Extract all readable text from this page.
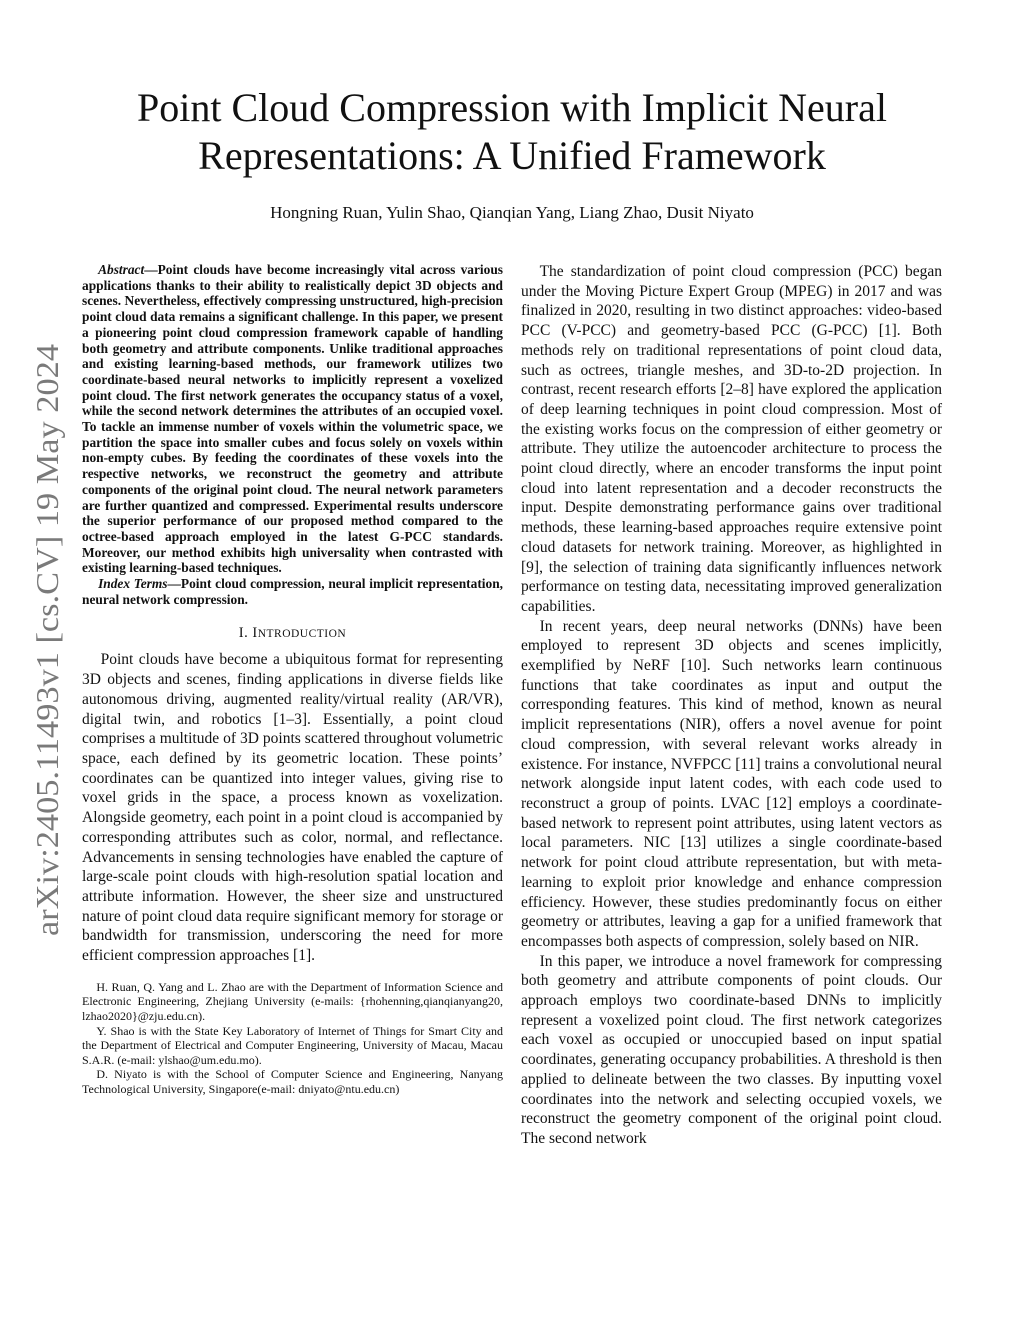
arXiv:2405.11493v1 [cs.CV] 19 May 2024
Point Cloud Compression with Implicit Neural
Representations: A Unified Framework
Hongning Ruan, Yulin Shao, Qianqian Yang, Liang Zhao, Dusit Niyato

Abstract—Point clouds have become increasingly vital across various applications thanks to their ability to realistically depict 3D objects and scenes. Nevertheless, effectively compressing unstructured, high-precision point cloud data remains a significant challenge. In this paper, we present a pioneering point cloud compression framework capable of handling both geometry and attribute components. Unlike traditional approaches and existing learning-based methods, our framework utilizes two coordinate-based neural networks to implicitly represent a voxelized point cloud. The first network generates the occupancy status of a voxel, while the second network determines the attributes of an occupied voxel. To tackle an immense number of voxels within the volumetric space, we partition the space into smaller cubes and focus solely on voxels within non-empty cubes. By feeding the coordinates of these voxels into the respective networks, we reconstruct the geometry and attribute components of the original point cloud. The neural network parameters are further quantized and compressed. Experimental results underscore the superior performance of our proposed method compared to the octree-based approach employed in the latest G-PCC standards. Moreover, our method exhibits high universality when contrasted with existing learning-based techniques.

Index Terms—Point cloud compression, neural implicit representation, neural network compression.

I. INTRODUCTION

Point clouds have become a ubiquitous format for representing 3D objects and scenes, finding applications in diverse fields like autonomous driving, augmented reality/virtual reality (AR/VR), digital twin, and robotics [1–3]. Essentially, a point cloud comprises a multitude of 3D points scattered throughout volumetric space, each defined by its geometric location. These points’ coordinates can be quantized into integer values, giving rise to voxel grids in the space, a process known as voxelization. Alongside geometry, each point in a point cloud is accompanied by corresponding attributes such as color, normal, and reflectance. Advancements in sensing technologies have enabled the capture of large-scale point clouds with high-resolution spatial location and attribute information. However, the sheer size and unstructured nature of point cloud data require significant memory for storage or bandwidth for transmission, underscoring the need for more efficient compression approaches [1].

H. Ruan, Q. Yang and L. Zhao are with the Department of Information Science and Electronic Engineering, Zhejiang University (e-mails: {rhohenning,qianqianyang20, lzhao2020}@zju.edu.cn).

Y. Shao is with the State Key Laboratory of Internet of Things for Smart City and the Department of Electrical and Computer Engineering, University of Macau, Macau S.A.R. (e-mail: ylshao@um.edu.mo).

D. Niyato is with the School of Computer Science and Engineering, Nanyang Technological University, Singapore(e-mail: dniyato@ntu.edu.cn)

The standardization of point cloud compression (PCC) began under the Moving Picture Expert Group (MPEG) in 2017 and was finalized in 2020, resulting in two distinct approaches: video-based PCC (V-PCC) and geometry-based PCC (G-PCC) [1]. Both methods rely on traditional representations of point cloud data, such as octrees, triangle meshes, and 3D-to-2D projection. In contrast, recent research efforts [2–8] have explored the application of deep learning techniques in point cloud compression. Most of the existing works focus on the compression of either geometry or attribute. They utilize the autoencoder architecture to process the point cloud directly, where an encoder transforms the input point cloud into latent representation and a decoder reconstructs the input. Despite demonstrating performance gains over traditional methods, these learning-based approaches require extensive point cloud datasets for network training. Moreover, as highlighted in [9], the selection of training data significantly influences network performance on testing data, necessitating improved generalization capabilities.

In recent years, deep neural networks (DNNs) have been employed to represent 3D objects and scenes implicitly, exemplified by NeRF [10]. Such networks learn continuous functions that take coordinates as input and output the corresponding features. This kind of method, known as neural implicit representations (NIR), offers a novel avenue for point cloud compression, with several relevant works already in existence. For instance, NVFPCC [11] trains a convolutional neural network alongside input latent codes, with each code used to reconstruct a group of points. LVAC [12] employs a coordinate-based network to represent point attributes, using latent vectors as local parameters. NIC [13] utilizes a single coordinate-based network for point cloud attribute representation, but with meta-learning to exploit prior knowledge and enhance compression efficiency. However, these studies predominantly focus on either geometry or attributes, leaving a gap for a unified framework that encompasses both aspects of compression, solely based on NIR.

In this paper, we introduce a novel framework for compressing both geometry and attribute components of point clouds. Our approach employs two coordinate-based DNNs to implicitly represent a voxelized point cloud. The first network categorizes each voxel as occupied or unoccupied based on input spatial coordinates, generating occupancy probabilities. A threshold is then applied to delineate between the two classes. By inputting voxel coordinates into the network and selecting occupied voxels, we reconstruct the geometry component of the original point cloud. The second network
